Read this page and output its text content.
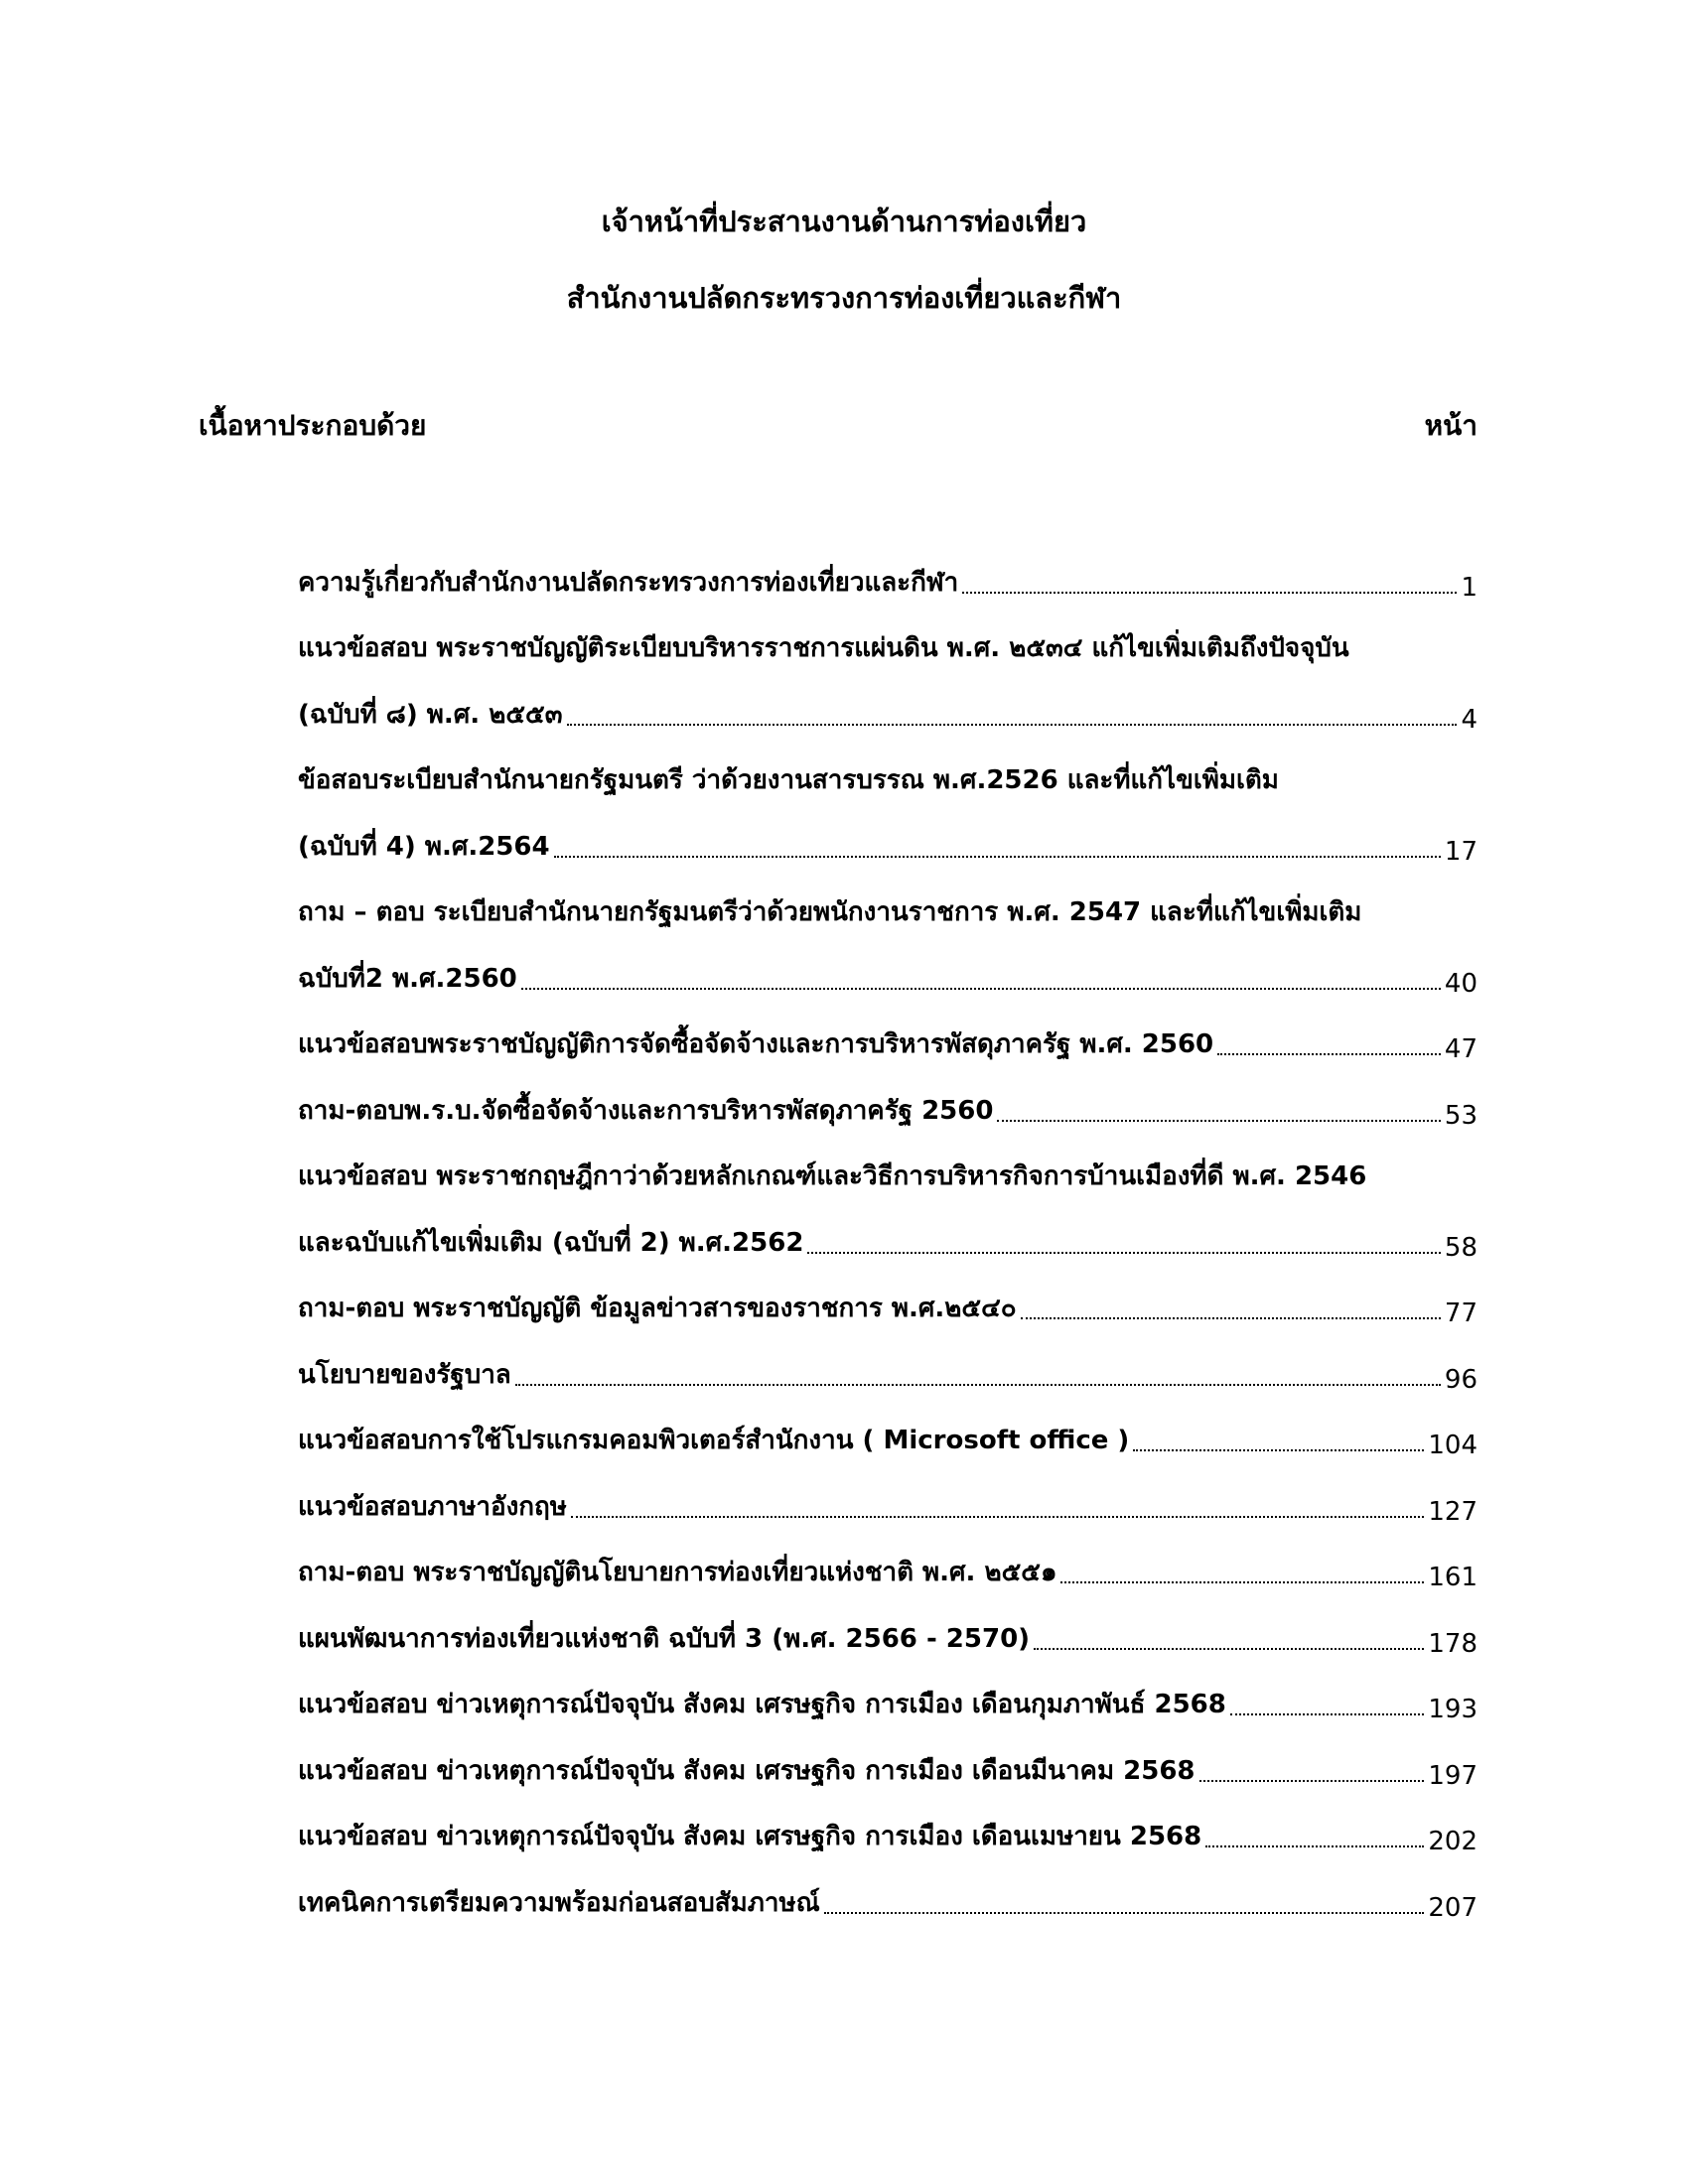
เจ้าหน้าที่ประสานงานด้านการท่องเที่ยว
สำนักงานปลัดกระทรวงการท่องเที่ยวและกีฬา
เนื้อหาประกอบด้วย	หน้า
ความรู้เกี่ยวกับสำนักงานปลัดกระทรวงการท่องเที่ยวและกีฬา	1
แนวข้อสอบ พระราชบัญญัติระเบียบบริหารราชการแผ่นดิน พ.ศ. ๒๕๓๔ แก้ไขเพิ่มเติมถึงปัจจุบัน
(ฉบับที่ ๘) พ.ศ. ๒๕๕๓	4
ข้อสอบระเบียบสำนักนายกรัฐมนตรี ว่าด้วยงานสารบรรณ พ.ศ.2526 และที่แก้ไขเพิ่มเติม
(ฉบับที่ 4) พ.ศ.2564	17
ถาม – ตอบ ระเบียบสำนักนายกรัฐมนตรีว่าด้วยพนักงานราชการ พ.ศ. 2547 และที่แก้ไขเพิ่มเติม
ฉบับที่2 พ.ศ.2560	40
แนวข้อสอบพระราชบัญญัติการจัดซื้อจัดจ้างและการบริหารพัสดุภาครัฐ พ.ศ. 2560	47
ถาม-ตอบพ.ร.บ.จัดซื้อจัดจ้างและการบริหารพัสดุภาครัฐ 2560	53
แนวข้อสอบ พระราชกฤษฎีกาว่าด้วยหลักเกณฑ์และวิธีการบริหารกิจการบ้านเมืองที่ดี พ.ศ. 2546
และฉบับแก้ไขเพิ่มเติม (ฉบับที่ 2) พ.ศ.2562	58
ถาม-ตอบ พระราชบัญญัติ ข้อมูลข่าวสารของราชการ พ.ศ.๒๕๔๐	77
นโยบายของรัฐบาล	96
แนวข้อสอบการใช้โปรแกรมคอมพิวเตอร์สำนักงาน ( Microsoft office )	104
แนวข้อสอบภาษาอังกฤษ	127
ถาม-ตอบ พระราชบัญญัตินโยบายการท่องเที่ยวแห่งชาติ พ.ศ. ๒๕๕๑	161
แผนพัฒนาการท่องเที่ยวแห่งชาติ ฉบับที่ 3 (พ.ศ. 2566 - 2570)	178
แนวข้อสอบ ข่าวเหตุการณ์ปัจจุบัน สังคม เศรษฐกิจ การเมือง เดือนกุมภาพันธ์ 2568	193
แนวข้อสอบ ข่าวเหตุการณ์ปัจจุบัน สังคม เศรษฐกิจ การเมือง เดือนมีนาคม 2568	197
แนวข้อสอบ ข่าวเหตุการณ์ปัจจุบัน สังคม เศรษฐกิจ การเมือง เดือนเมษายน 2568	202
เทคนิคการเตรียมความพร้อมก่อนสอบสัมภาษณ์	207
